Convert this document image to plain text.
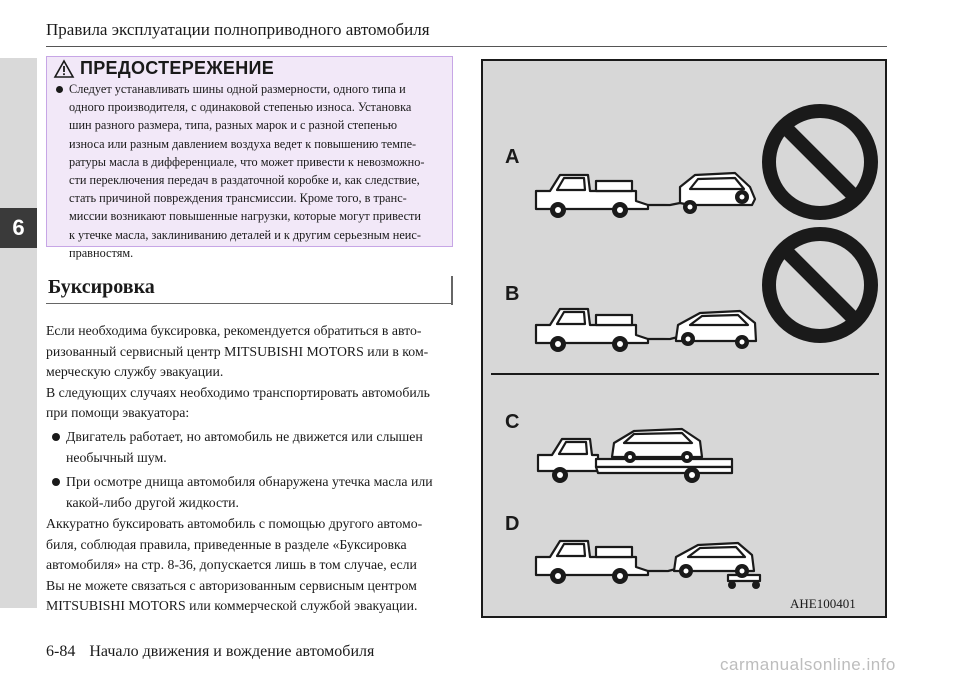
6
Правила эксплуатации полноприводного автомобиля
ПРЕДОСТЕРЕЖЕНИЕ
Следует устанавливать шины одной размерности, одного типа и
одного производителя, с одинаковой степенью износа. Установка
шин разного размера, типа, разных марок и с разной степенью
износа или разным давлением воздуха ведет к повышению темпе-
ратуры масла в дифференциале, что может привести к невозможно-
сти переключения передач в раздаточной коробке и, как следствие,
стать причиной повреждения трансмиссии. Кроме того, в транс-
миссии возникают повышенные нагрузки, которые могут привести
к утечке масла, заклиниванию деталей и к другим серьезным неис-
правностям.
Буксировка
Если необходима буксировка, рекомендуется обратиться в авто-
ризованный сервисный центр MITSUBISHI MOTORS или в ком-
мерческую службу эвакуации.
В следующих случаях необходимо транспортировать автомобиль
при помощи эвакуатора:
Двигатель работает, но автомобиль не движется или слышен
необычный шум.
При осмотре днища автомобиля обнаружена утечка масла или
какой-либо другой жидкости.
Аккуратно буксировать автомобиль с помощью другого автомо-
биля, соблюдая правила, приведенные в разделе «Буксировка
автомобиля» на стр. 8-36, допускается лишь в том случае, если
Вы не можете связаться с авторизованным сервисным центром
MITSUBISHI MOTORS или коммерческой службой эвакуации.
A
B
C
D
AHE100401
6-84 Начало движения и вождение автомобиля
carmanualsonline.info
